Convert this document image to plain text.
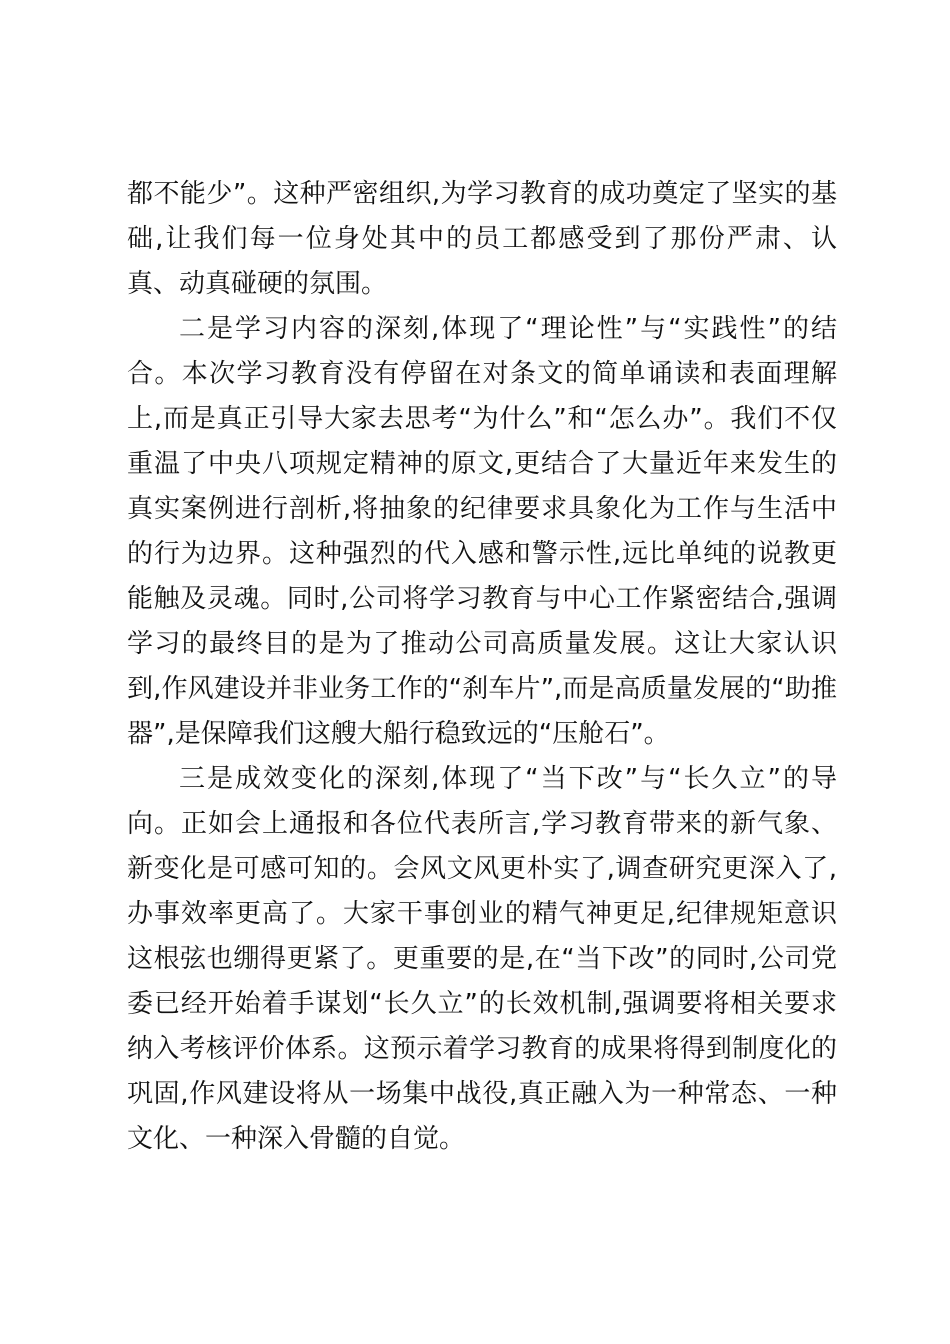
都不能少”。这种严密组织,为学习教育的成功奠定了坚实的基础,让我们每一位身处其中的员工都感受到了那份严肃、认真、动真碰硬的氛围。

二是学习内容的深刻,体现了“理论性”与“实践性”的结合。本次学习教育没有停留在对条文的简单诵读和表面理解上,而是真正引导大家去思考“为什么”和“怎么办”。我们不仅重温了中央八项规定精神的原文,更结合了大量近年来发生的真实案例进行剖析,将抽象的纪律要求具象化为工作与生活中的行为边界。这种强烈的代入感和警示性,远比单纯的说教更能触及灵魂。同时,公司将学习教育与中心工作紧密结合,强调学习的最终目的是为了推动公司高质量发展。这让大家认识到,作风建设并非业务工作的“刹车片”,而是高质量发展的“助推器”,是保障我们这艘大船行稳致远的“压舱石”。

三是成效变化的深刻,体现了“当下改”与“长久立”的导向。正如会上通报和各位代表所言,学习教育带来的新气象、新变化是可感可知的。会风文风更朴实了,调查研究更深入了,办事效率更高了。大家干事创业的精气神更足,纪律规矩意识这根弦也绷得更紧了。更重要的是,在“当下改”的同时,公司党委已经开始着手谋划“长久立”的长效机制,强调要将相关要求纳入考核评价体系。这预示着学习教育的成果将得到制度化的巩固,作风建设将从一场集中战役,真正融入为一种常态、一种文化、一种深入骨髓的自觉。
